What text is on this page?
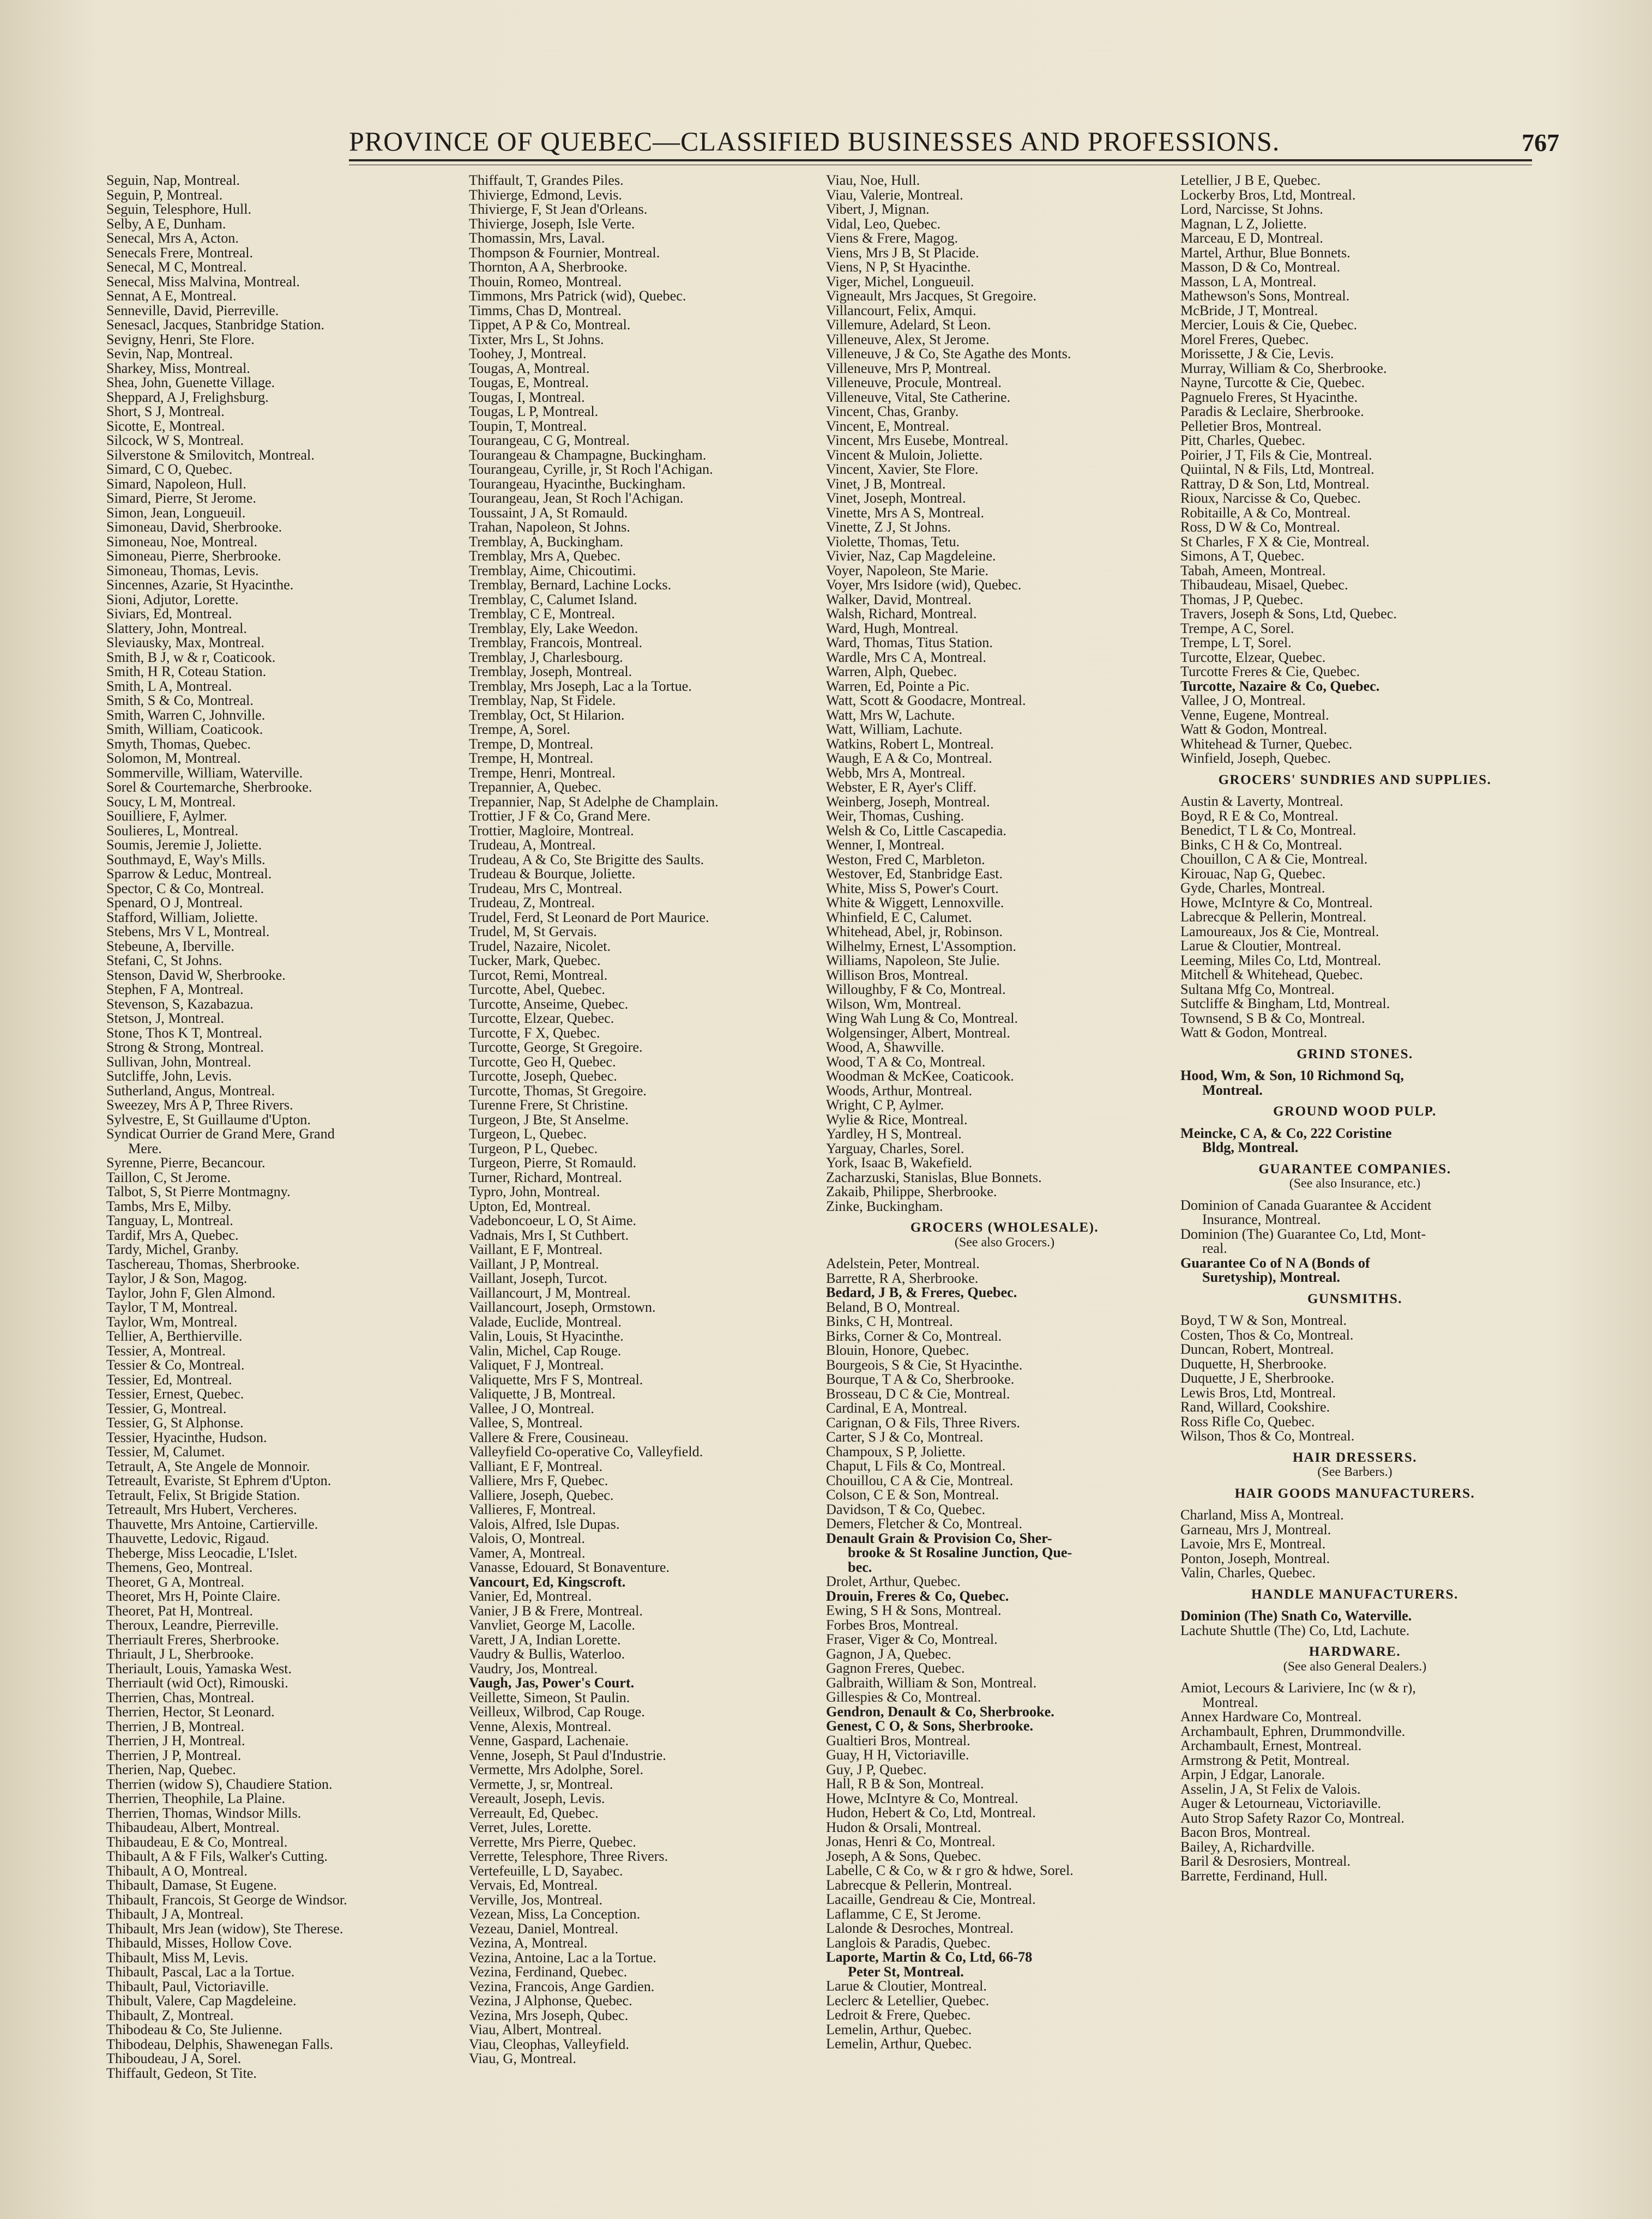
PROVINCE OF QUEBEC—CLASSIFIED BUSINESSES AND PROFESSIONS.	767
Seguin, Nap, Montreal.
Seguin, P, Montreal.
Seguin, Telesphore, Hull.
Selby, A E, Dunham.
Senecal, Mrs A, Acton.
Senecals Frere, Montreal.
Senecal, M C, Montreal.
Senecal, Miss Malvina, Montreal.
Sennat, A E, Montreal.
Senneville, David, Pierreville.
Senesacl, Jacques, Stanbridge Station.
Sevigny, Henri, Ste Flore.
Sevin, Nap, Montreal.
Sharkey, Miss, Montreal.
Shea, John, Guenette Village.
Sheppard, A J, Frelighsburg.
Short, S J, Montreal.
Sicotte, E, Montreal.
Silcock, W S, Montreal.
Silverstone & Smilovitch, Montreal.
Simard, C O, Quebec.
Simard, Napoleon, Hull.
Simard, Pierre, St Jerome.
Simon, Jean, Longueuil.
Simoneau, David, Sherbrooke.
Simoneau, Noe, Montreal.
Simoneau, Pierre, Sherbrooke.
Simoneau, Thomas, Levis.
Sincennes, Azarie, St Hyacinthe.
Sioni, Adjutor, Lorette.
Siviars, Ed, Montreal.
Slattery, John, Montreal.
Sleviausky, Max, Montreal.
Smith, B J, w & r, Coaticook.
Smith, H R, Coteau Station.
Smith, L A, Montreal.
Smith, S & Co, Montreal.
Smith, Warren C, Johnville.
Smith, William, Coaticook.
Smyth, Thomas, Quebec.
Solomon, M, Montreal.
Sommerville, William, Waterville.
Sorel & Courtemarche, Sherbrooke.
Soucy, L M, Montreal.
Souilliere, F, Aylmer.
Soulieres, L, Montreal.
Soumis, Jeremie J, Joliette.
Southmayd, E, Way's Mills.
Sparrow & Leduc, Montreal.
Spector, C & Co, Montreal.
Spenard, O J, Montreal.
Stafford, William, Joliette.
Stebens, Mrs V L, Montreal.
Stebeune, A, Iberville.
Stefani, C, St Johns.
Stenson, David W, Sherbrooke.
Stephen, F A, Montreal.
Stevenson, S, Kazabazua.
Stetson, J, Montreal.
Stone, Thos K T, Montreal.
Strong & Strong, Montreal.
Sullivan, John, Montreal.
Sutcliffe, John, Levis.
Sutherland, Angus, Montreal.
Sweezey, Mrs A P, Three Rivers.
Sylvestre, E, St Guillaume d'Upton.
Syndicat Ourrier de Grand Mere, Grand
Mere.
Syrenne, Pierre, Becancour.
Taillon, C, St Jerome.
Talbot, S, St Pierre Montmagny.
Tambs, Mrs E, Milby.
Tanguay, L, Montreal.
Tardif, Mrs A, Quebec.
Tardy, Michel, Granby.
Taschereau, Thomas, Sherbrooke.
Taylor, J & Son, Magog.
Taylor, John F, Glen Almond.
Taylor, T M, Montreal.
Taylor, Wm, Montreal.
Tellier, A, Berthierville.
Tessier, A, Montreal.
Tessier & Co, Montreal.
Tessier, Ed, Montreal.
Tessier, Ernest, Quebec.
Tessier, G, Montreal.
Tessier, G, St Alphonse.
Tessier, Hyacinthe, Hudson.
Tessier, M, Calumet.
Tetrault, A, Ste Angele de Monnoir.
Tetreault, Evariste, St Ephrem d'Upton.
Tetrault, Felix, St Brigide Station.
Tetreault, Mrs Hubert, Vercheres.
Thauvette, Mrs Antoine, Cartierville.
Thauvette, Ledovic, Rigaud.
Theberge, Miss Leocadie, L'Islet.
Themens, Geo, Montreal.
Theoret, G A, Montreal.
Theoret, Mrs H, Pointe Claire.
Theoret, Pat H, Montreal.
Theroux, Leandre, Pierreville.
Therriault Freres, Sherbrooke.
Thriault, J L, Sherbrooke.
Theriault, Louis, Yamaska West.
Therriault (wid Oct), Rimouski.
Therrien, Chas, Montreal.
Therrien, Hector, St Leonard.
Therrien, J B, Montreal.
Therrien, J H, Montreal.
Therrien, J P, Montreal.
Therien, Nap, Quebec.
Therrien (widow S), Chaudiere Station.
Therrien, Theophile, La Plaine.
Therrien, Thomas, Windsor Mills.
Thibaudeau, Albert, Montreal.
Thibaudeau, E & Co, Montreal.
Thibault, A & F Fils, Walker's Cutting.
Thibault, A O, Montreal.
Thibault, Damase, St Eugene.
Thibault, Francois, St George de Windsor.
Thibault, J A, Montreal.
Thibault, Mrs Jean (widow), Ste Therese.
Thibauld, Misses, Hollow Cove.
Thibault, Miss M, Levis.
Thibault, Pascal, Lac a la Tortue.
Thibault, Paul, Victoriaville.
Thibult, Valere, Cap Magdeleine.
Thibault, Z, Montreal.
Thibodeau & Co, Ste Julienne.
Thibodeau, Delphis, Shawenegan Falls.
Thiboudeau, J A, Sorel.
Thiffault, Gedeon, St Tite.
Thiffault, T, Grandes Piles.
Thivierge, Edmond, Levis.
Thivierge, F, St Jean d'Orleans.
Thivierge, Joseph, Isle Verte.
Thomassin, Mrs, Laval.
Thompson & Fournier, Montreal.
Thornton, A A, Sherbrooke.
Thouin, Romeo, Montreal.
Timmons, Mrs Patrick (wid), Quebec.
Timms, Chas D, Montreal.
Tippet, A P & Co, Montreal.
Tixter, Mrs L, St Johns.
Toohey, J, Montreal.
Tougas, A, Montreal.
Tougas, E, Montreal.
Tougas, I, Montreal.
Tougas, L P, Montreal.
Toupin, T, Montreal.
Tourangeau, C G, Montreal.
Tourangeau & Champagne, Buckingham.
Tourangeau, Cyrille, jr, St Roch l'Achigan.
Tourangeau, Hyacinthe, Buckingham.
Tourangeau, Jean, St Roch l'Achigan.
Toussaint, J A, St Romauld.
Trahan, Napoleon, St Johns.
Tremblay, A, Buckingham.
Tremblay, Mrs A, Quebec.
Tremblay, Aime, Chicoutimi.
Tremblay, Bernard, Lachine Locks.
Tremblay, C, Calumet Island.
Tremblay, C E, Montreal.
Tremblay, Ely, Lake Weedon.
Tremblay, Francois, Montreal.
Tremblay, J, Charlesbourg.
Tremblay, Joseph, Montreal.
Tremblay, Mrs Joseph, Lac a la Tortue.
Tremblay, Nap, St Fidele.
Tremblay, Oct, St Hilarion.
Trempe, A, Sorel.
Trempe, D, Montreal.
Trempe, H, Montreal.
Trempe, Henri, Montreal.
Trepannier, A, Quebec.
Trepannier, Nap, St Adelphe de Champlain.
Trottier, J F & Co, Grand Mere.
Trottier, Magloire, Montreal.
Trudeau, A, Montreal.
Trudeau, A & Co, Ste Brigitte des Saults.
Trudeau & Bourque, Joliette.
Trudeau, Mrs C, Montreal.
Trudeau, Z, Montreal.
Trudel, Ferd, St Leonard de Port Maurice.
Trudel, M, St Gervais.
Trudel, Nazaire, Nicolet.
Tucker, Mark, Quebec.
Turcot, Remi, Montreal.
Turcotte, Abel, Quebec.
Turcotte, Anseime, Quebec.
Turcotte, Elzear, Quebec.
Turcotte, F X, Quebec.
Turcotte, George, St Gregoire.
Turcotte, Geo H, Quebec.
Turcotte, Joseph, Quebec.
Turcotte, Thomas, St Gregoire.
Turenne Frere, St Christine.
Turgeon, J Bte, St Anselme.
Turgeon, L, Quebec.
Turgeon, P L, Quebec.
Turgeon, Pierre, St Romauld.
Turner, Richard, Montreal.
Typro, John, Montreal.
Upton, Ed, Montreal.
Vadeboncoeur, L O, St Aime.
Vadnais, Mrs I, St Cuthbert.
Vaillant, E F, Montreal.
Vaillant, J P, Montreal.
Vaillant, Joseph, Turcot.
Vaillancourt, J M, Montreal.
Vaillancourt, Joseph, Ormstown.
Valade, Euclide, Montreal.
Valin, Louis, St Hyacinthe.
Valin, Michel, Cap Rouge.
Valiquet, F J, Montreal.
Valiquette, Mrs F S, Montreal.
Valiquette, J B, Montreal.
Vallee, J O, Montreal.
Vallee, S, Montreal.
Vallere & Frere, Cousineau.
Valleyfield Co-operative Co, Valleyfield.
Valliant, E F, Montreal.
Valliere, Mrs F, Quebec.
Valliere, Joseph, Quebec.
Vallieres, F, Montreal.
Valois, Alfred, Isle Dupas.
Valois, O, Montreal.
Vamer, A, Montreal.
Vanasse, Edouard, St Bonaventure.
Vancourt, Ed, Kingscroft.
Vanier, Ed, Montreal.
Vanier, J B & Frere, Montreal.
Vanvliet, George M, Lacolle.
Varett, J A, Indian Lorette.
Vaudry & Bullis, Waterloo.
Vaudry, Jos, Montreal.
Vaugh, Jas, Power's Court.
Veillette, Simeon, St Paulin.
Veilleux, Wilbrod, Cap Rouge.
Venne, Alexis, Montreal.
Venne, Gaspard, Lachenaie.
Venne, Joseph, St Paul d'Industrie.
Vermette, Mrs Adolphe, Sorel.
Vermette, J, sr, Montreal.
Vereault, Joseph, Levis.
Verreault, Ed, Quebec.
Verret, Jules, Lorette.
Verrette, Mrs Pierre, Quebec.
Verrette, Telesphore, Three Rivers.
Vertefeuille, L D, Sayabec.
Vervais, Ed, Montreal.
Verville, Jos, Montreal.
Vezean, Miss, La Conception.
Vezeau, Daniel, Montreal.
Vezina, A, Montreal.
Vezina, Antoine, Lac a la Tortue.
Vezina, Ferdinand, Quebec.
Vezina, Francois, Ange Gardien.
Vezina, J Alphonse, Quebec.
Vezina, Mrs Joseph, Qubec.
Viau, Albert, Montreal.
Viau, Cleophas, Valleyfield.
Viau, G, Montreal.
Viau, Noe, Hull.
Viau, Valerie, Montreal.
Vibert, J, Mignan.
Vidal, Leo, Quebec.
Viens & Frere, Magog.
Viens, Mrs J B, St Placide.
Viens, N P, St Hyacinthe.
Viger, Michel, Longueuil.
Vigneault, Mrs Jacques, St Gregoire.
Villancourt, Felix, Amqui.
Villemure, Adelard, St Leon.
Villeneuve, Alex, St Jerome.
Villeneuve, J & Co, Ste Agathe des Monts.
Villeneuve, Mrs P, Montreal.
Villeneuve, Procule, Montreal.
Villeneuve, Vital, Ste Catherine.
Vincent, Chas, Granby.
Vincent, E, Montreal.
Vincent, Mrs Eusebe, Montreal.
Vincent & Muloin, Joliette.
Vincent, Xavier, Ste Flore.
Vinet, J B, Montreal.
Vinet, Joseph, Montreal.
Vinette, Mrs A S, Montreal.
Vinette, Z J, St Johns.
Violette, Thomas, Tetu.
Vivier, Naz, Cap Magdeleine.
Voyer, Napoleon, Ste Marie.
Voyer, Mrs Isidore (wid), Quebec.
Walker, David, Montreal.
Walsh, Richard, Montreal.
Ward, Hugh, Montreal.
Ward, Thomas, Titus Station.
Wardle, Mrs C A, Montreal.
Warren, Alph, Quebec.
Warren, Ed, Pointe a Pic.
Watt, Scott & Goodacre, Montreal.
Watt, Mrs W, Lachute.
Watt, William, Lachute.
Watkins, Robert L, Montreal.
Waugh, E A & Co, Montreal.
Webb, Mrs A, Montreal.
Webster, E R, Ayer's Cliff.
Weinberg, Joseph, Montreal.
Weir, Thomas, Cushing.
Welsh & Co, Little Cascapedia.
Wenner, I, Montreal.
Weston, Fred C, Marbleton.
Westover, Ed, Stanbridge East.
White, Miss S, Power's Court.
White & Wiggett, Lennoxville.
Whinfield, E C, Calumet.
Whitehead, Abel, jr, Robinson.
Wilhelmy, Ernest, L'Assomption.
Williams, Napoleon, Ste Julie.
Willison Bros, Montreal.
Willoughby, F & Co, Montreal.
Wilson, Wm, Montreal.
Wing Wah Lung & Co, Montreal.
Wolgensinger, Albert, Montreal.
Wood, A, Shawville.
Wood, T A & Co, Montreal.
Woodman & McKee, Coaticook.
Woods, Arthur, Montreal.
Wright, C P, Aylmer.
Wylie & Rice, Montreal.
Yardley, H S, Montreal.
Yarguay, Charles, Sorel.
York, Isaac B, Wakefield.
Zacharzuski, Stanislas, Blue Bonnets.
Zakaib, Philippe, Sherbrooke.
Zinke, Buckingham.
GROCERS (WHOLESALE).
(See also Grocers.)
Adelstein, Peter, Montreal.
Barrette, R A, Sherbrooke.
Bedard, J B, & Freres, Quebec.
Beland, B O, Montreal.
Binks, C H, Montreal.
Birks, Corner & Co, Montreal.
Blouin, Honore, Quebec.
Bourgeois, S & Cie, St Hyacinthe.
Bourque, T A & Co, Sherbrooke.
Brosseau, D C & Cie, Montreal.
Cardinal, E A, Montreal.
Carignan, O & Fils, Three Rivers.
Carter, S J & Co, Montreal.
Champoux, S P, Joliette.
Chaput, L Fils & Co, Montreal.
Chouillou, C A & Cie, Montreal.
Colson, C E & Son, Montreal.
Davidson, T & Co, Quebec.
Demers, Fletcher & Co, Montreal.
Denault Grain & Provision Co, Sher-
brooke & St Rosaline Junction, Que-
bec.
Drolet, Arthur, Quebec.
Drouin, Freres & Co, Quebec.
Ewing, S H & Sons, Montreal.
Forbes Bros, Montreal.
Fraser, Viger & Co, Montreal.
Gagnon, J A, Quebec.
Gagnon Freres, Quebec.
Galbraith, William & Son, Montreal.
Gillespies & Co, Montreal.
Gendron, Denault & Co, Sherbrooke.
Genest, C O, & Sons, Sherbrooke.
Gualtieri Bros, Montreal.
Guay, H H, Victoriaville.
Guy, J P, Quebec.
Hall, R B & Son, Montreal.
Howe, McIntyre & Co, Montreal.
Hudon, Hebert & Co, Ltd, Montreal.
Hudon & Orsali, Montreal.
Jonas, Henri & Co, Montreal.
Joseph, A & Sons, Quebec.
Labelle, C & Co, w & r gro & hdwe, Sorel.
Labrecque & Pellerin, Montreal.
Lacaille, Gendreau & Cie, Montreal.
Laflamme, C E, St Jerome.
Lalonde & Desroches, Montreal.
Langlois & Paradis, Quebec.
Laporte, Martin & Co, Ltd, 66-78
Peter St, Montreal.
Larue & Cloutier, Montreal.
Leclerc & Letellier, Quebec.
Ledroit & Frere, Quebec.
Lemelin, Arthur, Quebec.
Lemelin, Arthur, Quebec.
Letellier, J B E, Quebec.
Lockerby Bros, Ltd, Montreal.
Lord, Narcisse, St Johns.
Magnan, L Z, Joliette.
Marceau, E D, Montreal.
Martel, Arthur, Blue Bonnets.
Masson, D & Co, Montreal.
Masson, L A, Montreal.
Mathewson's Sons, Montreal.
McBride, J T, Montreal.
Mercier, Louis & Cie, Quebec.
Morel Freres, Quebec.
Morissette, J & Cie, Levis.
Murray, William & Co, Sherbrooke.
Nayne, Turcotte & Cie, Quebec.
Pagnuelo Freres, St Hyacinthe.
Paradis & Leclaire, Sherbrooke.
Pelletier Bros, Montreal.
Pitt, Charles, Quebec.
Poirier, J T, Fils & Cie, Montreal.
Quiintal, N & Fils, Ltd, Montreal.
Rattray, D & Son, Ltd, Montreal.
Rioux, Narcisse & Co, Quebec.
Robitaille, A & Co, Montreal.
Ross, D W & Co, Montreal.
St Charles, F X & Cie, Montreal.
Simons, A T, Quebec.
Tabah, Ameen, Montreal.
Thibaudeau, Misael, Quebec.
Thomas, J P, Quebec.
Travers, Joseph & Sons, Ltd, Quebec.
Trempe, A C, Sorel.
Trempe, L T, Sorel.
Turcotte, Elzear, Quebec.
Turcotte Freres & Cie, Quebec.
Turcotte, Nazaire & Co, Quebec.
Vallee, J O, Montreal.
Venne, Eugene, Montreal.
Watt & Godon, Montreal.
Whitehead & Turner, Quebec.
Winfield, Joseph, Quebec.
GROCERS' SUNDRIES AND SUPPLIES.
Austin & Laverty, Montreal.
Boyd, R E & Co, Montreal.
Benedict, T L & Co, Montreal.
Binks, C H & Co, Montreal.
Chouillon, C A & Cie, Montreal.
Kirouac, Nap G, Quebec.
Gyde, Charles, Montreal.
Howe, McIntyre & Co, Montreal.
Labrecque & Pellerin, Montreal.
Lamoureaux, Jos & Cie, Montreal.
Larue & Cloutier, Montreal.
Leeming, Miles Co, Ltd, Montreal.
Mitchell & Whitehead, Quebec.
Sultana Mfg Co, Montreal.
Sutcliffe & Bingham, Ltd, Montreal.
Townsend, S B & Co, Montreal.
Watt & Godon, Montreal.
GRIND STONES.
Hood, Wm, & Son, 10 Richmond Sq,
Montreal.
GROUND WOOD PULP.
Meincke, C A, & Co, 222 Coristine
Bldg, Montreal.
GUARANTEE COMPANIES.
(See also Insurance, etc.)
Dominion of Canada Guarantee & Accident
Insurance, Montreal.
Dominion (The) Guarantee Co, Ltd, Mont-
real.
Guarantee Co of N A (Bonds of
Suretyship), Montreal.
GUNSMITHS.
Boyd, T W & Son, Montreal.
Costen, Thos & Co, Montreal.
Duncan, Robert, Montreal.
Duquette, H, Sherbrooke.
Duquette, J E, Sherbrooke.
Lewis Bros, Ltd, Montreal.
Rand, Willard, Cookshire.
Ross Rifle Co, Quebec.
Wilson, Thos & Co, Montreal.
HAIR DRESSERS.
(See Barbers.)
HAIR GOODS MANUFACTURERS.
Charland, Miss A, Montreal.
Garneau, Mrs J, Montreal.
Lavoie, Mrs E, Montreal.
Ponton, Joseph, Montreal.
Valin, Charles, Quebec.
HANDLE MANUFACTURERS.
Dominion (The) Snath Co, Waterville.
Lachute Shuttle (The) Co, Ltd, Lachute.
HARDWARE.
(See also General Dealers.)
Amiot, Lecours & Lariviere, Inc (w & r),
Montreal.
Annex Hardware Co, Montreal.
Archambault, Ephren, Drummondville.
Archambault, Ernest, Montreal.
Armstrong & Petit, Montreal.
Arpin, J Edgar, Lanorale.
Asselin, J A, St Felix de Valois.
Auger & Letourneau, Victoriaville.
Auto Strop Safety Razor Co, Montreal.
Bacon Bros, Montreal.
Bailey, A, Richardville.
Baril & Desrosiers, Montreal.
Barrette, Ferdinand, Hull.
